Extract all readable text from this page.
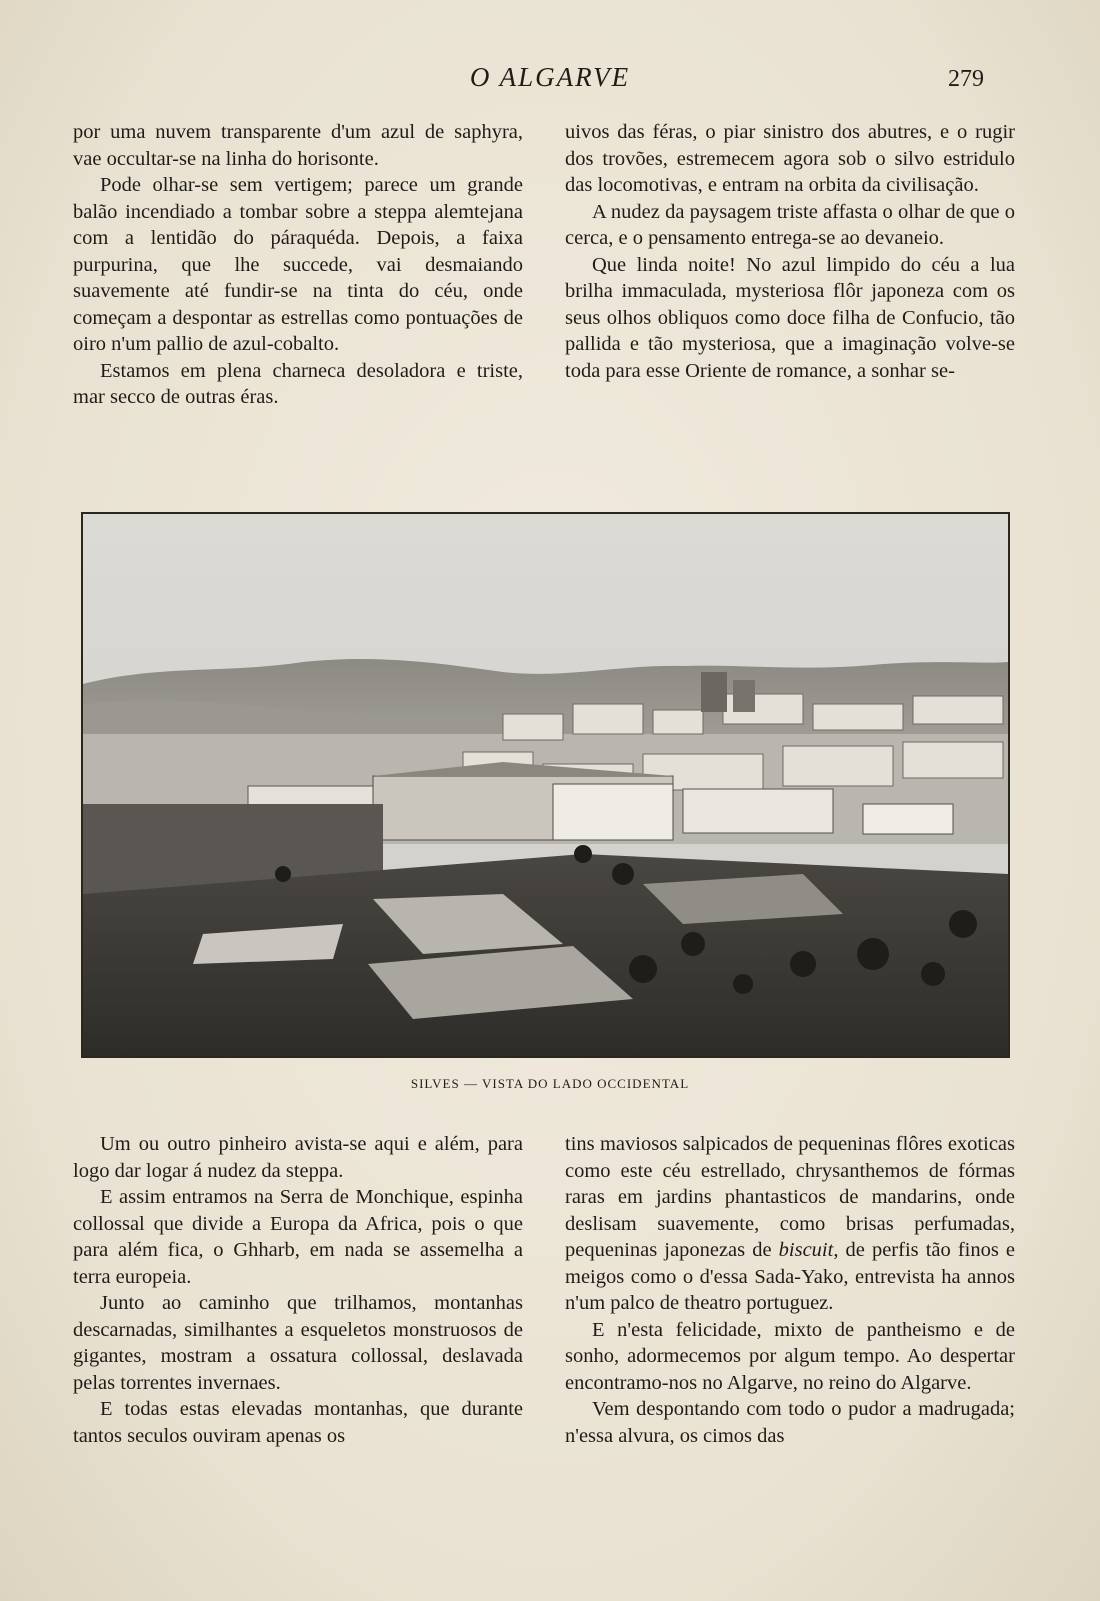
O ALGARVE	279

por uma nuvem transparente d'um azul de saphyra, vae occultar-se na linha do horisonte.

Pode olhar-se sem vertigem; parece um grande balão incendiado a tombar sobre a steppa alemtejana com a lentidão do páraquéda. Depois, a faixa purpurina, que lhe succede, vai desmaiando suavemente até fundir-se na tinta do céu, onde começam a despontar as estrellas como pontuações de oiro n'um pallio de azul-cobalto.

Estamos em plena charneca desoladora e triste, mar secco de outras éras.

uivos das féras, o piar sinistro dos abutres, e o rugir dos trovões, estremecem agora sob o silvo estridulo das locomotivas, e entram na orbita da civilisação.

A nudez da paysagem triste affasta o olhar de que o cerca, e o pensamento entrega-se ao devaneio.

Que linda noite! No azul limpido do céu a lua brilha immaculada, mysteriosa flôr japoneza com os seus olhos obliquos como doce filha de Confucio, tão pallida e tão mysteriosa, que a imaginação volve-se toda para esse Oriente de romance, a sonhar se-

SILVES — VISTA DO LADO OCCIDENTAL

Um ou outro pinheiro avista-se aqui e além, para logo dar logar á nudez da steppa.

E assim entramos na Serra de Monchique, espinha collossal que divide a Europa da Africa, pois o que para além fica, o Ghharb, em nada se assemelha a terra europeia.

Junto ao caminho que trilhamos, montanhas descarnadas, similhantes a esqueletos monstruosos de gigantes, mostram a ossatura collossal, deslavada pelas torrentes invernaes.

E todas estas elevadas montanhas, que durante tantos seculos ouviram apenas os

tins maviosos salpicados de pequeninas flôres exoticas como este céu estrellado, chrysanthemos de fórmas raras em jardins phantasticos de mandarins, onde deslisam suavemente, como brisas perfumadas, pequeninas japonezas de biscuit, de perfis tão finos e meigos como o d'essa Sada-Yako, entrevista ha annos n'um palco de theatro portuguez.

E n'esta felicidade, mixto de pantheismo e de sonho, adormecemos por algum tempo. Ao despertar encontramo-nos no Algarve, no reino do Algarve.

Vem despontando com todo o pudor a madrugada; n'essa alvura, os cimos das
